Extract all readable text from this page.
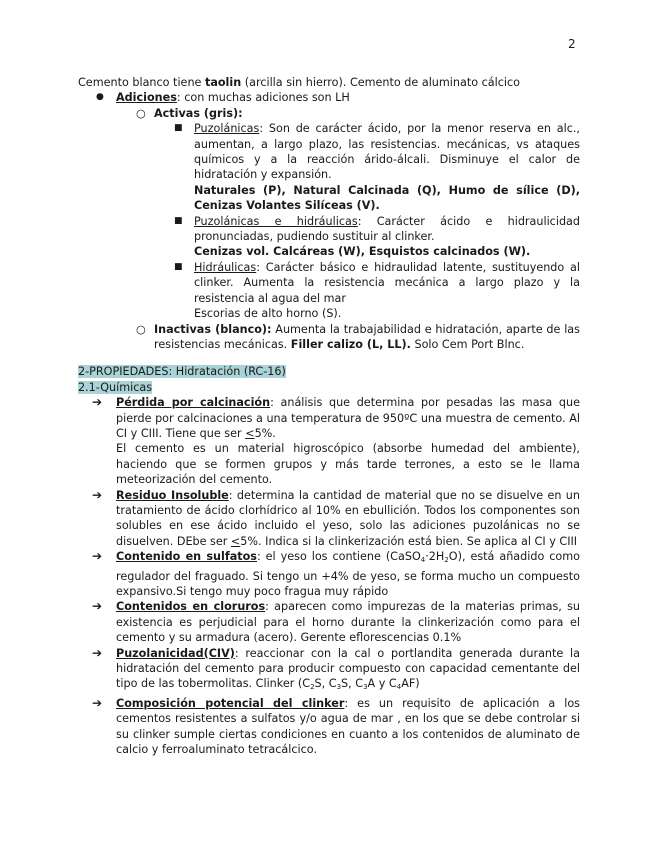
2

Cemento blanco tiene taolin (arcilla sin hierro). Cemento de aluminato cálcico

● Adiciones: con muchas adiciones son LH
○ Activas (gris):
■ Puzolánicas: Son de carácter ácido, por la menor reserva en alc., aumentan, a largo plazo, las resistencias. mecánicas, vs ataques químicos y a la reacción árido-álcali. Disminuye el calor de hidratación y expansión.
Naturales (P), Natural Calcinada (Q), Humo de sílice (D), Cenizas Volantes Silíceas (V).
■ Puzolánicas e hidráulicas: Carácter ácido e hidraulicidad pronunciadas, pudiendo sustituir al clinker.
Cenizas vol. Calcáreas (W), Esquistos calcinados (W).
■ Hidráulicas: Carácter básico e hidraulidad latente, sustituyendo al clinker. Aumenta la resistencia mecánica a largo plazo y la resistencia al agua del mar
Escorias de alto horno (S).
○ Inactivas (blanco): Aumenta la trabajabilidad e hidratación, aparte de las resistencias mecánicas. Filler calizo (L, LL). Solo Cem Port Blnc.

2-PROPIEDADES: Hidratación (RC-16)

2.1-Químicas

➔ Pérdida por calcinación: análisis que determina por pesadas las masa que pierde por calcinaciones a una temperatura de 950ºC una muestra de cemento. Al CI y CIII. Tiene que ser <5%.
El cemento es un material higroscópico (absorbe humedad del ambiente), haciendo que se formen grupos y más tarde terrones, a esto se le llama meteorización del cemento.
➔ Residuo Insoluble: determina la cantidad de material que no se disuelve en un tratamiento de ácido clorhídrico al 10% en ebullición. Todos los componentes son solubles en ese ácido incluido el yeso, solo las adiciones puzolánicas no se disuelven. DEbe ser <5%. Indica si la clinkerización está bien. Se aplica al CI y CIII
➔ Contenido en sulfatos: el yeso los contiene $(CaSO_4\cdot 2H_2O)$, está añadido como regulador del fraguado. Si tengo un +4% de yeso, se forma mucho un compuesto expansivo.Si tengo muy poco fragua muy rápido
➔ Contenidos en cloruros: aparecen como impurezas de la materias primas, su existencia es perjudicial para el horno durante la clinkerización como para el cemento y su armadura (acero). Gerente eflorescencias 0.1%
➔ Puzolanicidad(CIV): reaccionar con la cal o portlandita generada durante la hidratación del cemento para producir compuesto con capacidad cementante del tipo de las tobermolitas. Clinker ($C_2S$, $C_3S$, $C_3A$ y $C_4AF$)
➔ Composición potencial del clinker: es un requisito de aplicación a los cementos resistentes a sulfatos y/o agua de mar , en los que se debe controlar si su clinker sumple ciertas condiciones en cuanto a los contenidos de aluminato de calcio y ferroaluminato tetracálcico.
